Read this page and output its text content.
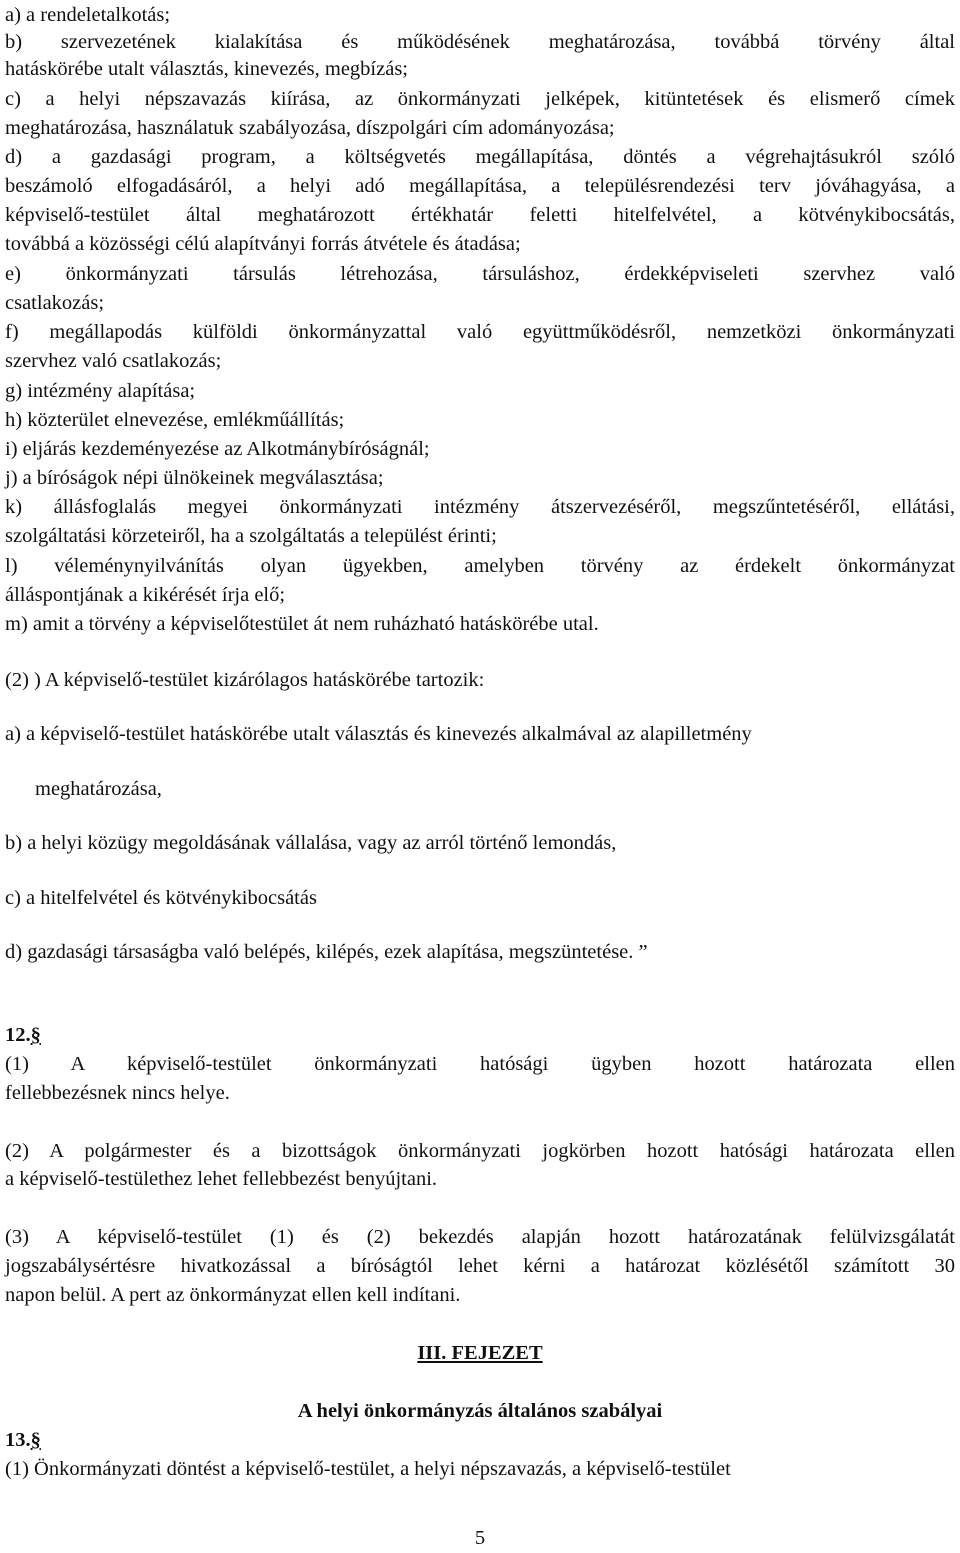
a) a rendeletalkotás;
b) szervezetének kialakítása és működésének meghatározása, továbbá törvény által
hatáskörébe utalt választás, kinevezés, megbízás;
c) a helyi népszavazás kiírása, az önkormányzati jelképek, kitüntetések és elismerő címek
meghatározása, használatuk szabályozása, díszpolgári cím adományozása;
d) a gazdasági program, a költségvetés megállapítása, döntés a végrehajtásukról szóló
beszámoló elfogadásáról, a helyi adó megállapítása, a településrendezési terv jóváhagyása, a
képviselő-testület által meghatározott értékhatár feletti hitelfelvétel, a kötvénykibocsátás,
továbbá a közösségi célú alapítványi forrás átvétele és átadása;
e) önkormányzati társulás létrehozása, társuláshoz, érdekképviseleti szervhez való
csatlakozás;
f) megállapodás külföldi önkormányzattal való együttműködésről, nemzetközi önkormányzati
szervhez való csatlakozás;
g) intézmény alapítása;
h) közterület elnevezése, emlékműállítás;
i) eljárás kezdeményezése az Alkotmánybíróságnál;
j) a bíróságok népi ülnökeinek megválasztása;
k) állásfoglalás megyei önkormányzati intézmény átszervezéséről, megszűntetéséről, ellátási,
szolgáltatási körzeteiről, ha a szolgáltatás a települést érinti;
l) véleménynyilvánítás olyan ügyekben, amelyben törvény az érdekelt önkormányzat
álláspontjának a kikérését írja elő;
m) amit a törvény a képviselőtestület át nem ruházható hatáskörébe utal.
(2) ) A képviselő-testület kizárólagos hatáskörébe tartozik:
a) a képviselő-testület hatáskörébe utalt választás és kinevezés alkalmával az alapilletmény
meghatározása,
b) a helyi közügy megoldásának vállalása, vagy az arról történő lemondás,
c) a hitelfelvétel és kötvénykibocsátás
d) gazdasági társaságba való belépés, kilépés, ezek alapítása, megszüntetése. ”
12.§
(1) A képviselő-testület önkormányzati hatósági ügyben hozott határozata ellen
fellebbezésnek nincs helye.
(2) A polgármester és a bizottságok önkormányzati jogkörben hozott hatósági határozata ellen
a képviselő-testülethez lehet fellebbezést benyújtani.
(3) A képviselő-testület (1) és (2) bekezdés alapján hozott határozatának felülvizsgálatát
jogszabálysértésre hivatkozással a bíróságtól lehet kérni a határozat közlésétől számított 30
napon belül. A pert az önkormányzat ellen kell indítani.
III. FEJEZET
A helyi önkormányzás általános szabályai
13.§
(1) Önkormányzati döntést a képviselő-testület, a helyi népszavazás, a képviselő-testület
5
